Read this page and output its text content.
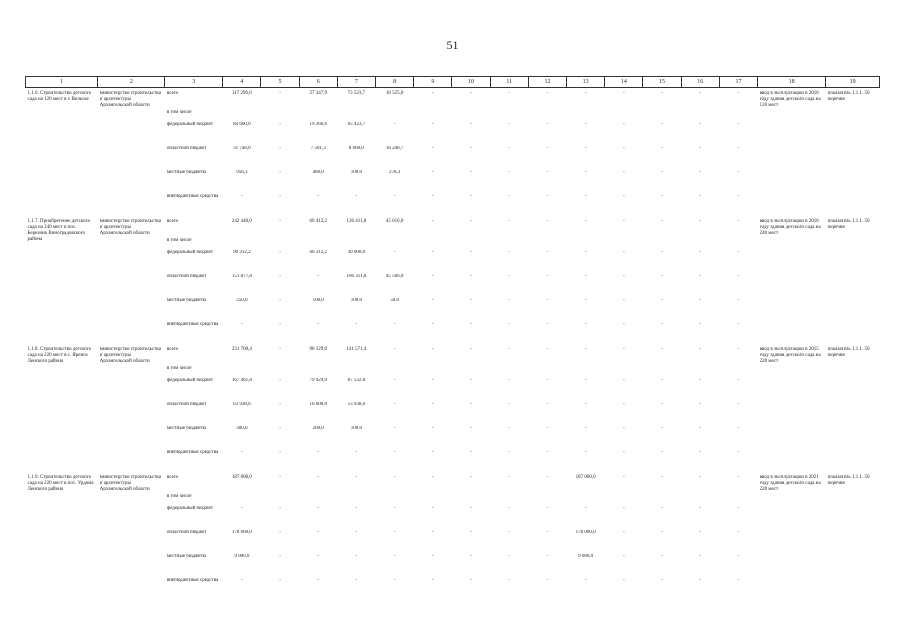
51
1	2	3	4	5	6	7	8	9	10	11	12	13	14	15	16	17	18	19
1.1.6. Строительство детского сада на 120 мест в г. Вельске	министерство строительства и архитектуры Архангельской области	всего	117 296,6	-	27 347,9	73 523,7	16 525,0	-	-	-	-	-	-	-	-	-	ввод в эксплуатацию в 2016 году здания детского сада на 120 мест	показатель 1.1.1. 50 перечня
		в том числе																
		федеральный бюджет	84 600,0	-	19 266,6	65 423,7	-	-	-	-	-	-	-	-	-	-		
		областной бюджет	31 748,0	-	7 501,3	8 000,0	16 246,7	-	-	-	-	-	-	-	-	-		
		местные бюджеты	958,3	-	480,0	100,0	278,3	-	-	-	-	-	-	-	-	-		
		внебюджетные средства	-	-	-	-	-	-	-	-	-	-	-	-	-	-		
1.1.7. Приобретение детского сада на 240 мест в пос. Березник Виноградовского района	министерство строительства и архитектуры Архангельской области	всего	242 440,0	-	60 412,2	136 411,8	45 616,0	-	-	-	-	-	-	-	-	-	ввод в эксплуатацию в 2016 году здания детского сада на 240 мест	показатель 1.1.1. 50 перечня
		в том числе																
		федеральный бюджет	90 312,2	-	60 312,2	30 000,0	-	-	-	-	-	-	-	-	-	-		
		областной бюджет	151 877,8	-	-	106 311,8	45 566,0	-	-	-	-	-	-	-	-	-		
		местные бюджеты	250,0	-	100,0	100,0	50,0	-	-	-	-	-	-	-	-	-		
		внебюджетные средства	-	-	-	-	-	-	-	-	-	-	-	-	-	-		
1.1.8. Строительство детского сада на 220 мест в с. Яренск Ленского района	министерство строительства и архитектуры Архангельской области	всего	231 700,4	-	90 129,0	141 571,4	-	-	-	-	-	-	-	-	-	-	ввод в эксплуатацию в 2015 году здания детского сада на 220 мест	показатель 1.1.1. 50 перечня
		в том числе																
		федеральный бюджет	167 461,8	-	79 929,0	87 532,8	-	-	-	-	-	-	-	-	-	-		
		областной бюджет	63 938,6	-	10 000,0	53 938,6	-	-	-	-	-	-	-	-	-	-		
		местные бюджеты	300,0	-	200,0	100,0	-	-	-	-	-	-	-	-	-	-		
		внебюджетные средства	-	-	-	-	-	-	-	-	-	-	-	-	-	-		
1.1.9. Строительство детского сада на 220 мест в пос. Урдома Ленского района	министерство строительства и архитектуры Архангельской области	всего	187 000,0	-	-	-	-	-	-	-	-	187 000,0	-	-	-	-	ввод в эксплуатацию в 2021 году здания детского сада на 220 мест	показатель 1.1.1. 50 перечня
		в том числе																
		федеральный бюджет	-	-	-	-	-	-	-	-	-	-	-	-	-	-		
		областной бюджет	178 000,0	-	-	-	-	-	-	-	-	178 000,0	-	-	-	-		
		местные бюджеты	9 000,0	-	-	-	-	-	-	-	-	9 000,0	-	-	-	-		
		внебюджетные средства	-	-	-	-	-	-	-	-	-	-	-	-	-	-		
